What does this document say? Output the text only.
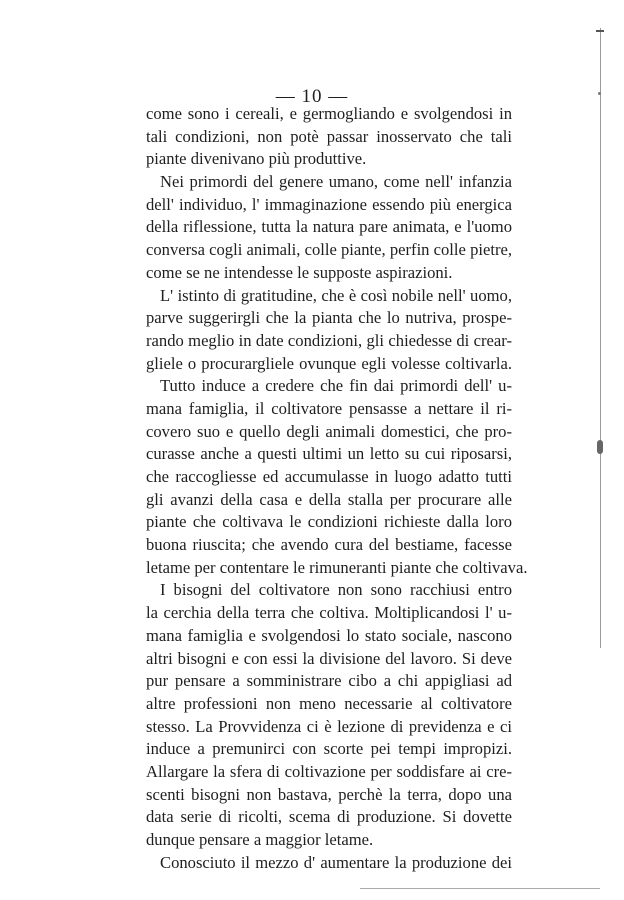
— 10 —
come sono i cereali, e germogliando e svolgendosi in
tali condizioni, non potè passar inosservato che tali
piante divenivano più produttive.
Nei primordi del genere umano, come nell' infanzia
dell' individuo, l' immaginazione essendo più energica
della riflessione, tutta la natura pare animata, e l'uomo
conversa cogli animali, colle piante, perfin colle pietre,
come se ne intendesse le supposte aspirazioni.
L' istinto di gratitudine, che è così nobile nell' uomo,
parve suggerirgli che la pianta che lo nutriva, prospe-
rando meglio in date condizioni, gli chiedesse di crear-
gliele o procurargliele ovunque egli volesse coltivarla.
Tutto induce a credere che fin dai primordi dell' u-
mana famiglia, il coltivatore pensasse a nettare il ri-
covero suo e quello degli animali domestici, che pro-
curasse anche a questi ultimi un letto su cui riposarsi,
che raccogliesse ed accumulasse in luogo adatto tutti
gli avanzi della casa e della stalla per procurare alle
piante che coltivava le condizioni richieste dalla loro
buona riuscita; che avendo cura del bestiame, facesse
letame per contentare le rimuneranti piante che coltivava.
I bisogni del coltivatore non sono racchiusi entro
la cerchia della terra che coltiva. Moltiplicandosi l' u-
mana famiglia e svolgendosi lo stato sociale, nascono
altri bisogni e con essi la divisione del lavoro. Si deve
pur pensare a somministrare cibo a chi appigliasi ad
altre professioni non meno necessarie al coltivatore
stesso. La Provvidenza ci è lezione di previdenza e ci
induce a premunirci con scorte pei tempi impropizi.
Allargare la sfera di coltivazione per soddisfare ai cre-
scenti bisogni non bastava, perchè la terra, dopo una
data serie di ricolti, scema di produzione. Si dovette
dunque pensare a maggior letame.
Conosciuto il mezzo d' aumentare la produzione dei
